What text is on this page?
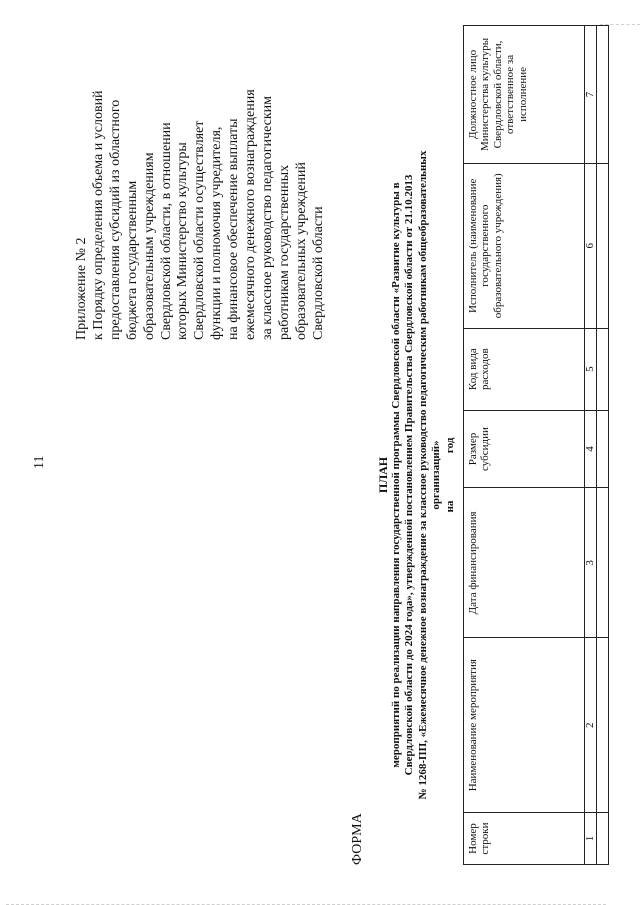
11
Приложение № 2 к Порядку определения объема и условий предоставления субсидий из областного бюджета государственным образовательным учреждениям Свердловской области, в отношении которых Министерство культуры Свердловской области осуществляет функции и полномочия учредителя, на финансовое обеспечение выплаты ежемесячного денежного вознаграждения за классное руководство педагогическим работникам государственных образовательных учреждений Свердловской области
ФОРМА
ПЛАН мероприятий по реализации направления государственной программы Свердловской области «Развитие культуры в Свердловской области до 2024 года», утвержденной постановлением Правительства Свердловской области от 21.10.2013 № 1268-ПП, «Ежемесячное денежное вознаграждение за классное руководство педагогическим работникам общеобразовательных организаций» на  год
Номер строки	Наименование мероприятия	Дата финансирования	Размер субсидии	Код вида расходов	Исполнитель (наименование государственного образовательного учреждения)	Должностное лицо Министерства культуры Свердловской области, ответственное за исполнение
1	2	3	4	5	6	7
